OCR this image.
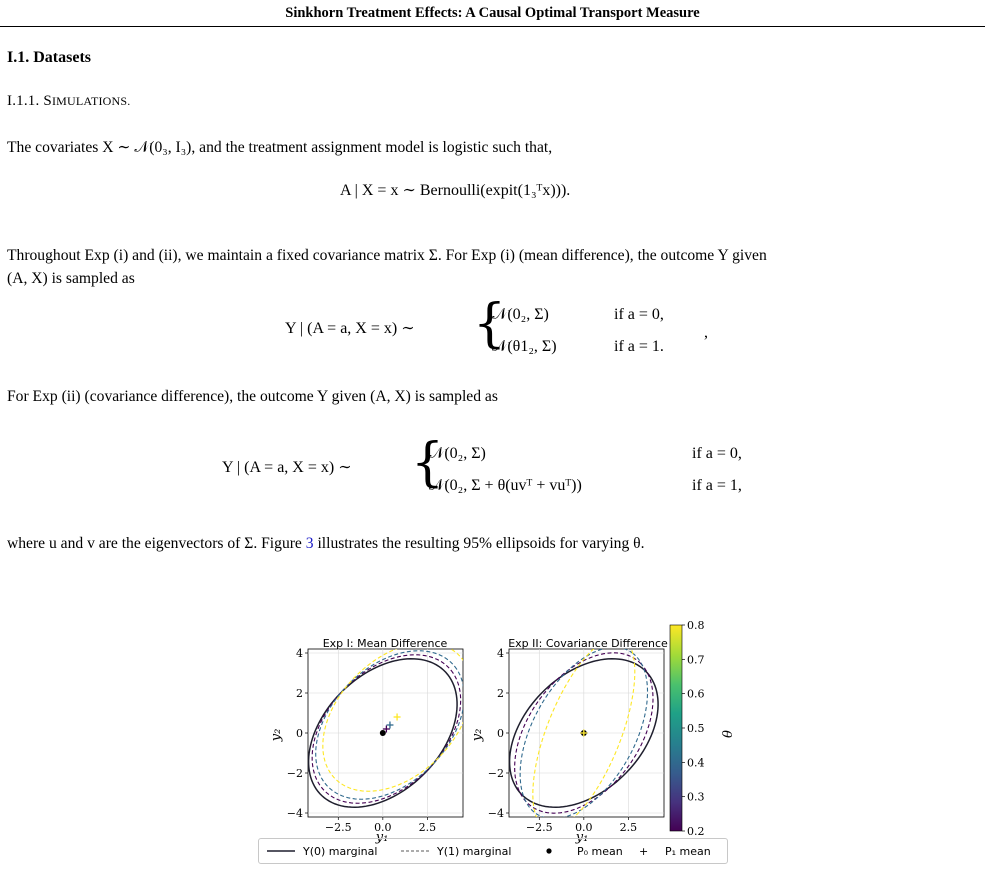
Sinkhorn Treatment Effects: A Causal Optimal Transport Measure
I.1. Datasets
I.1.1. SIMULATIONS.
The covariates X ∼ 𝒩(0₃, I₃), and the treatment assignment model is logistic such that,
A | X = x ∼ Bernoulli(expit(1₃ᵀx))).
Throughout Exp (i) and (ii), we maintain a fixed covariance matrix Σ. For Exp (i) (mean difference), the outcome Y given
(A, X) is sampled as
Y | (A = a, X = x) ∼ {
𝒩(0₂, Σ)	if a = 0,
𝒩(θ1₂, Σ)	if a = 1.
,
For Exp (ii) (covariance difference), the outcome Y given (A, X) is sampled as
Y | (A = a, X = x) ∼ {
𝒩(0₂, Σ)	if a = 0,
𝒩(0₂, Σ + θ(uvᵀ + vuᵀ))	if a = 1,
where u and v are the eigenvectors of Σ. Figure 3 illustrates the resulting 95% ellipsoids for varying θ.
Exp I: Mean Difference
−2.5 0.0 2.5
−4
−2
0
2
4
y₁
y₂
Exp II: Covariance Difference
−2.5 0.0 2.5
−4
−2
0
2
4
y₁
y₂
0.8
0.7
0.6
0.5
0.4
0.3
0.2
θ
Y(0) marginal	Y(1) marginal	P₀ mean + P₁ mean
